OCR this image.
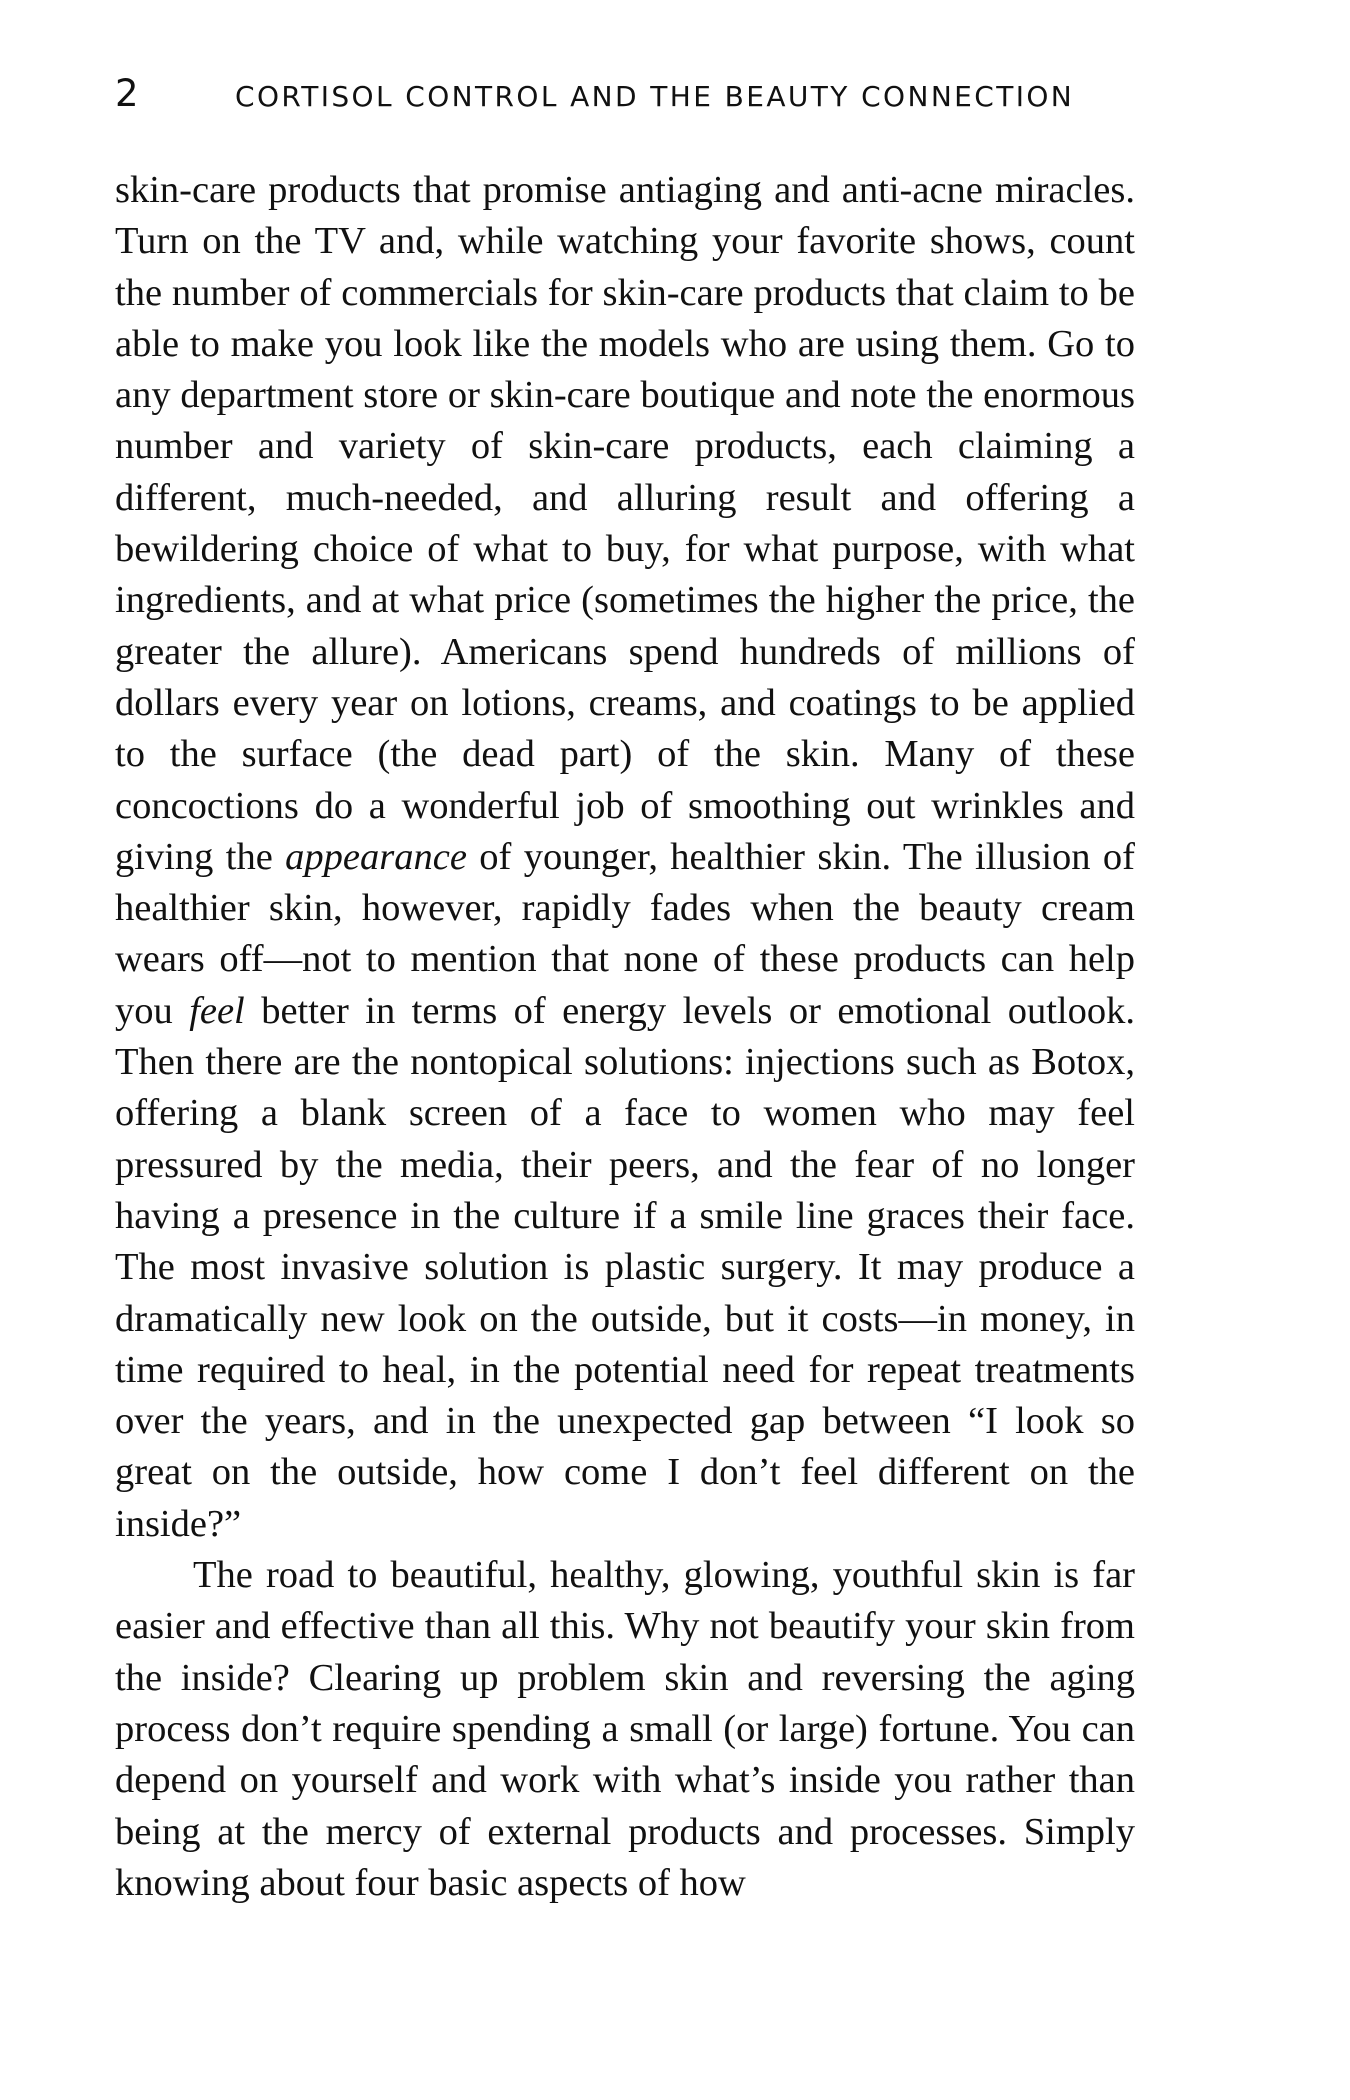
2	CORTISOL CONTROL AND THE BEAUTY CONNECTION

skin-care products that promise antiaging and anti-acne miracles. Turn on the TV and, while watching your favorite shows, count the number of commercials for skin-care products that claim to be able to make you look like the models who are using them. Go to any department store or skin-care boutique and note the enormous number and variety of skin-care products, each claiming a different, much-needed, and alluring result and offering a bewildering choice of what to buy, for what purpose, with what ingredients, and at what price (sometimes the higher the price, the greater the allure). Americans spend hundreds of millions of dollars every year on lotions, creams, and coatings to be applied to the surface (the dead part) of the skin. Many of these concoctions do a wonderful job of smoothing out wrinkles and giving the appearance of younger, healthier skin. The illusion of healthier skin, however, rapidly fades when the beauty cream wears off—not to mention that none of these products can help you feel better in terms of energy levels or emotional outlook. Then there are the nontopical solutions: injections such as Botox, offering a blank screen of a face to women who may feel pressured by the media, their peers, and the fear of no longer having a presence in the culture if a smile line graces their face. The most invasive solution is plastic surgery. It may produce a dramatically new look on the outside, but it costs—in money, in time required to heal, in the potential need for repeat treatments over the years, and in the unexpected gap between “I look so great on the outside, how come I don’t feel different on the inside?”

The road to beautiful, healthy, glowing, youthful skin is far easier and effective than all this. Why not beautify your skin from the inside? Clearing up problem skin and reversing the aging process don’t require spending a small (or large) fortune. You can depend on yourself and work with what’s inside you rather than being at the mercy of external products and processes. Simply knowing about four basic aspects of how
